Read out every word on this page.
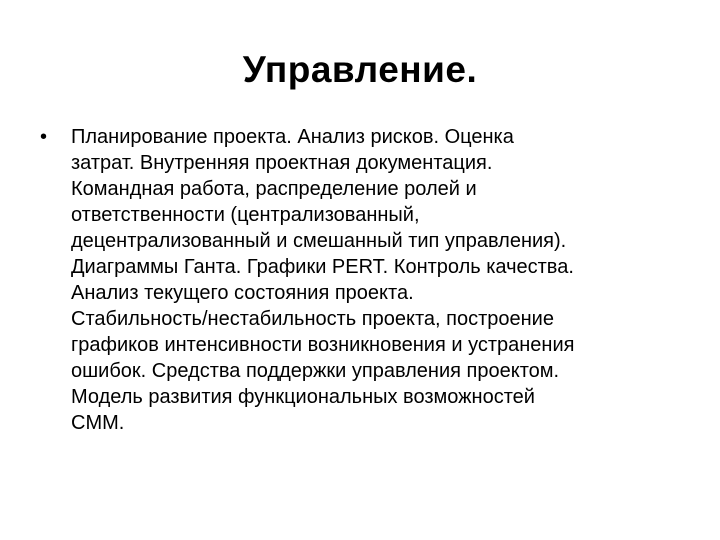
Управление.
• Планирование проекта. Анализ рисков. Оценка
затрат. Внутренняя проектная документация.
Командная работа, распределение ролей и
ответственности (централизованный,
децентрализованный и смешанный тип управления).
Диаграммы Ганта. Графики PERT. Контроль качества.
Анализ текущего состояния проекта.
Стабильность/нестабильность проекта, построение
графиков интенсивности возникновения и устранения
ошибок. Средства поддержки управления проектом.
Модель развития функциональных возможностей
CMM.
